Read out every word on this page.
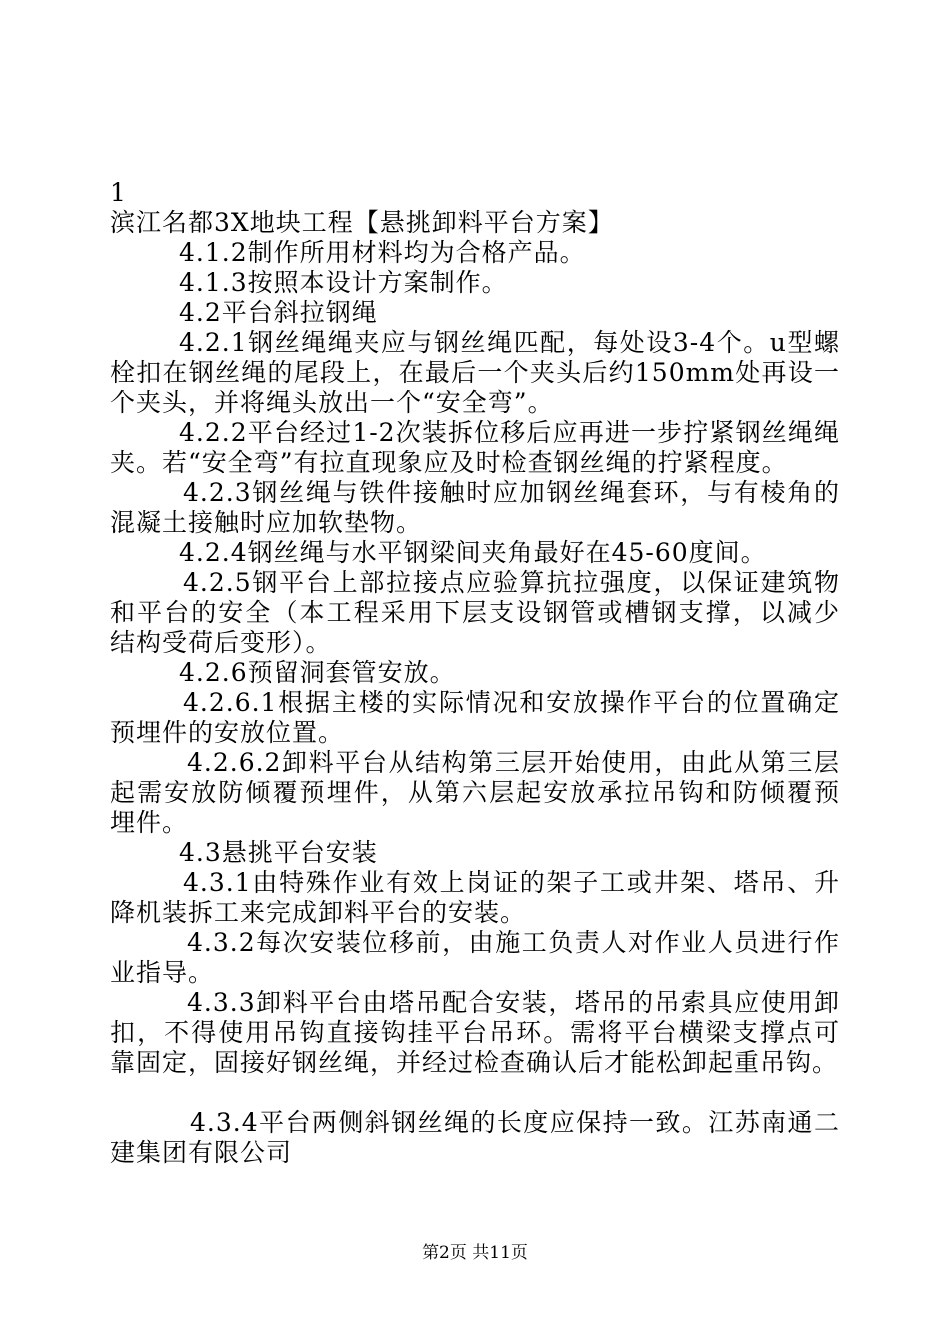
1
滨江名都3X地块工程【悬挑卸料平台方案】
4.1.2制作所用材料均为合格产品。
4.1.3按照本设计方案制作。
4.2平台斜拉钢绳
4.2.1钢丝绳绳夹应与钢丝绳匹配，每处设3-4个。u型螺
栓扣在钢丝绳的尾段上，在最后一个夹头后约150mm处再设一
个夹头，并将绳头放出一个“安全弯”。
4.2.2平台经过1-2次装拆位移后应再进一步拧紧钢丝绳绳
夹。若“安全弯”有拉直现象应及时检查钢丝绳的拧紧程度。
4.2.3钢丝绳与铁件接触时应加钢丝绳套环，与有棱角的
混凝土接触时应加软垫物。
4.2.4钢丝绳与水平钢梁间夹角最好在45-60度间。
4.2.5钢平台上部拉接点应验算抗拉强度，以保证建筑物
和平台的安全（本工程采用下层支设钢管或槽钢支撑，以减少
结构受荷后变形）。
4.2.6预留洞套管安放。
4.2.6.1根据主楼的实际情况和安放操作平台的位置确定
预埋件的安放位置。
4.2.6.2卸料平台从结构第三层开始使用，由此从第三层
起需安放防倾覆预埋件，从第六层起安放承拉吊钩和防倾覆预
埋件。
4.3悬挑平台安装
4.3.1由特殊作业有效上岗证的架子工或井架、塔吊、升
降机装拆工来完成卸料平台的安装。
4.3.2每次安装位移前，由施工负责人对作业人员进行作
业指导。
4.3.3卸料平台由塔吊配合安装，塔吊的吊索具应使用卸
扣，不得使用吊钩直接钩挂平台吊环。需将平台横梁支撑点可
靠固定，固接好钢丝绳，并经过检查确认后才能松卸起重吊钩。
4.3.4平台两侧斜钢丝绳的长度应保持一致。江苏南通二
建集团有限公司
第2页 共11页
